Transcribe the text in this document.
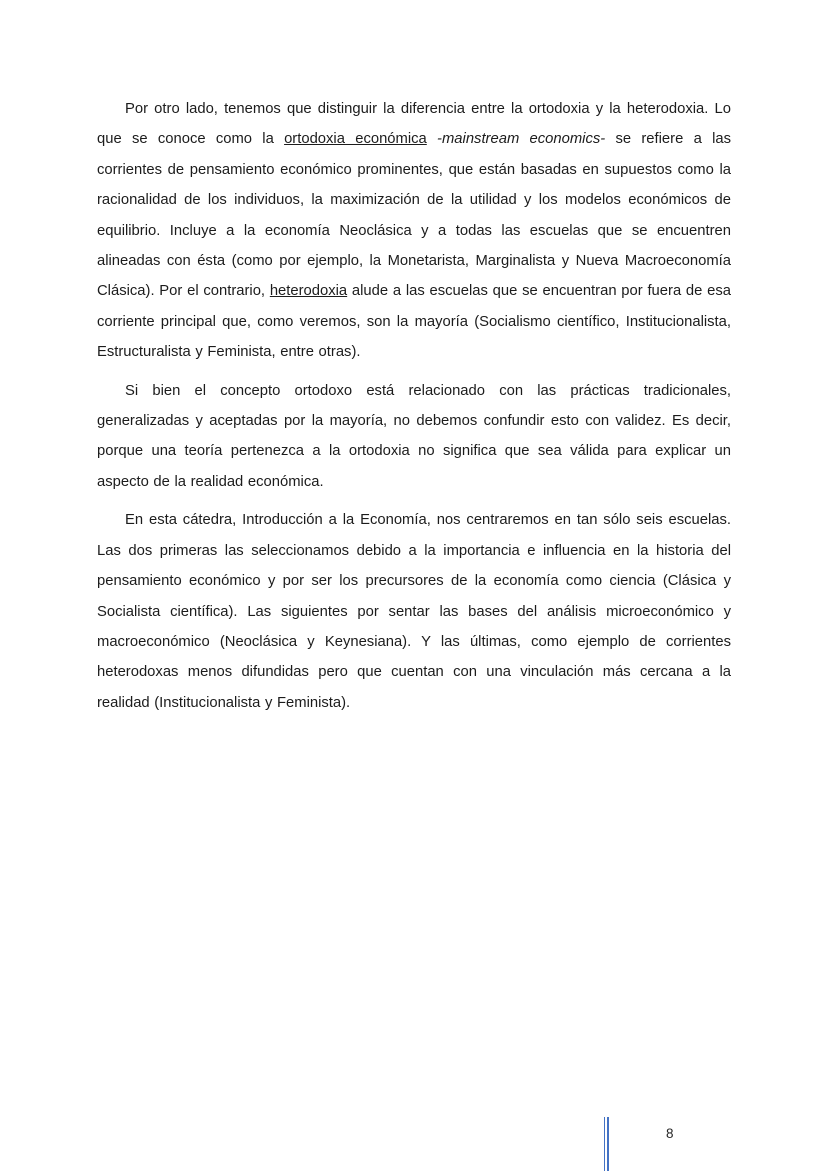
Por otro lado, tenemos que distinguir la diferencia entre la ortodoxia y la heterodoxia. Lo que se conoce como la ortodoxia económica -mainstream economics- se refiere a las corrientes de pensamiento económico prominentes, que están basadas en supuestos como la racionalidad de los individuos, la maximización de la utilidad y los modelos económicos de equilibrio. Incluye a la economía Neoclásica y a todas las escuelas que se encuentren alineadas con ésta (como por ejemplo, la Monetarista, Marginalista y Nueva Macroeconomía Clásica). Por el contrario, heterodoxia alude a las escuelas que se encuentran por fuera de esa corriente principal que, como veremos, son la mayoría (Socialismo científico, Institucionalista, Estructuralista y Feminista, entre otras).

Si bien el concepto ortodoxo está relacionado con las prácticas tradicionales, generalizadas y aceptadas por la mayoría, no debemos confundir esto con validez. Es decir, porque una teoría pertenezca a la ortodoxia no significa que sea válida para explicar un aspecto de la realidad económica.

En esta cátedra, Introducción a la Economía, nos centraremos en tan sólo seis escuelas. Las dos primeras las seleccionamos debido a la importancia e influencia en la historia del pensamiento económico y por ser los precursores de la economía como ciencia (Clásica y Socialista científica). Las siguientes por sentar las bases del análisis microeconómico y macroeconómico (Neoclásica y Keynesiana). Y las últimas, como ejemplo de corrientes heterodoxas menos difundidas pero que cuentan con una vinculación más cercana a la realidad (Institucionalista y Feminista).

8
